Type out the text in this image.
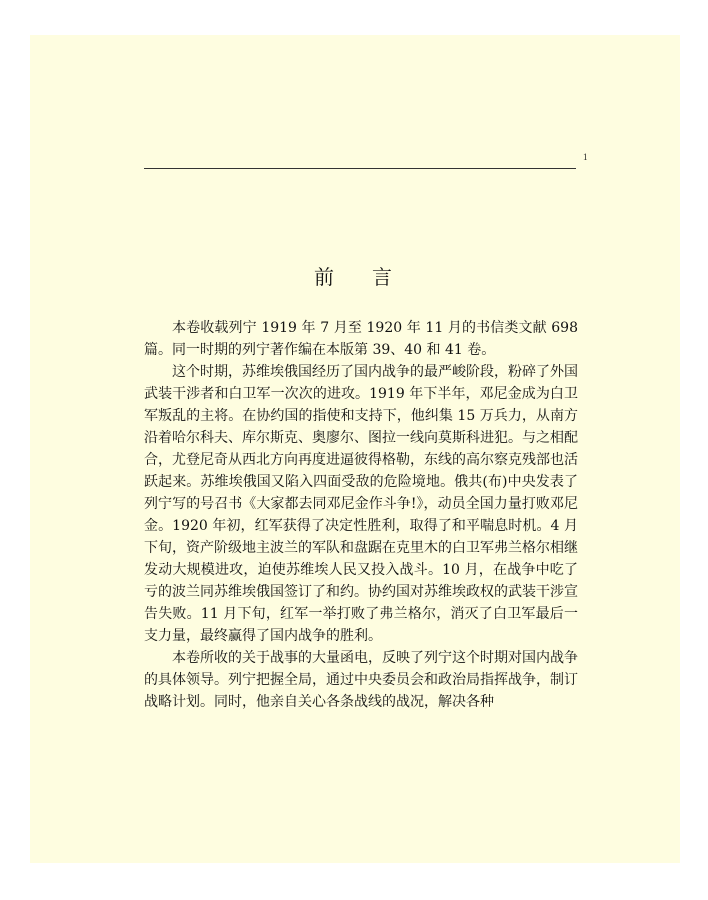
1
前言

本卷收载列宁 1919 年 7 月至 1920 年 11 月的书信类文献 698 篇。同一时期的列宁著作编在本版第 39、40 和 41 卷。

这个时期，苏维埃俄国经历了国内战争的最严峻阶段，粉碎了外国武装干涉者和白卫军一次次的进攻。1919 年下半年，邓尼金成为白卫军叛乱的主将。在协约国的指使和支持下，他纠集 15 万兵力，从南方沿着哈尔科夫、库尔斯克、奥廖尔、图拉一线向莫斯科进犯。与之相配合，尤登尼奇从西北方向再度进逼彼得格勒，东线的高尔察克残部也活跃起来。苏维埃俄国又陷入四面受敌的危险境地。俄共(布)中央发表了列宁写的号召书《大家都去同邓尼金作斗争!》，动员全国力量打败邓尼金。1920 年初，红军获得了决定性胜利，取得了和平喘息时机。4 月下旬，资产阶级地主波兰的军队和盘踞在克里木的白卫军弗兰格尔相继发动大规模进攻，迫使苏维埃人民又投入战斗。10 月，在战争中吃了亏的波兰同苏维埃俄国签订了和约。协约国对苏维埃政权的武装干涉宣告失败。11 月下旬，红军一举打败了弗兰格尔，消灭了白卫军最后一支力量，最终赢得了国内战争的胜利。

本卷所收的关于战事的大量函电，反映了列宁这个时期对国内战争的具体领导。列宁把握全局，通过中央委员会和政治局指挥战争，制订战略计划。同时，他亲自关心各条战线的战况，解决各种
